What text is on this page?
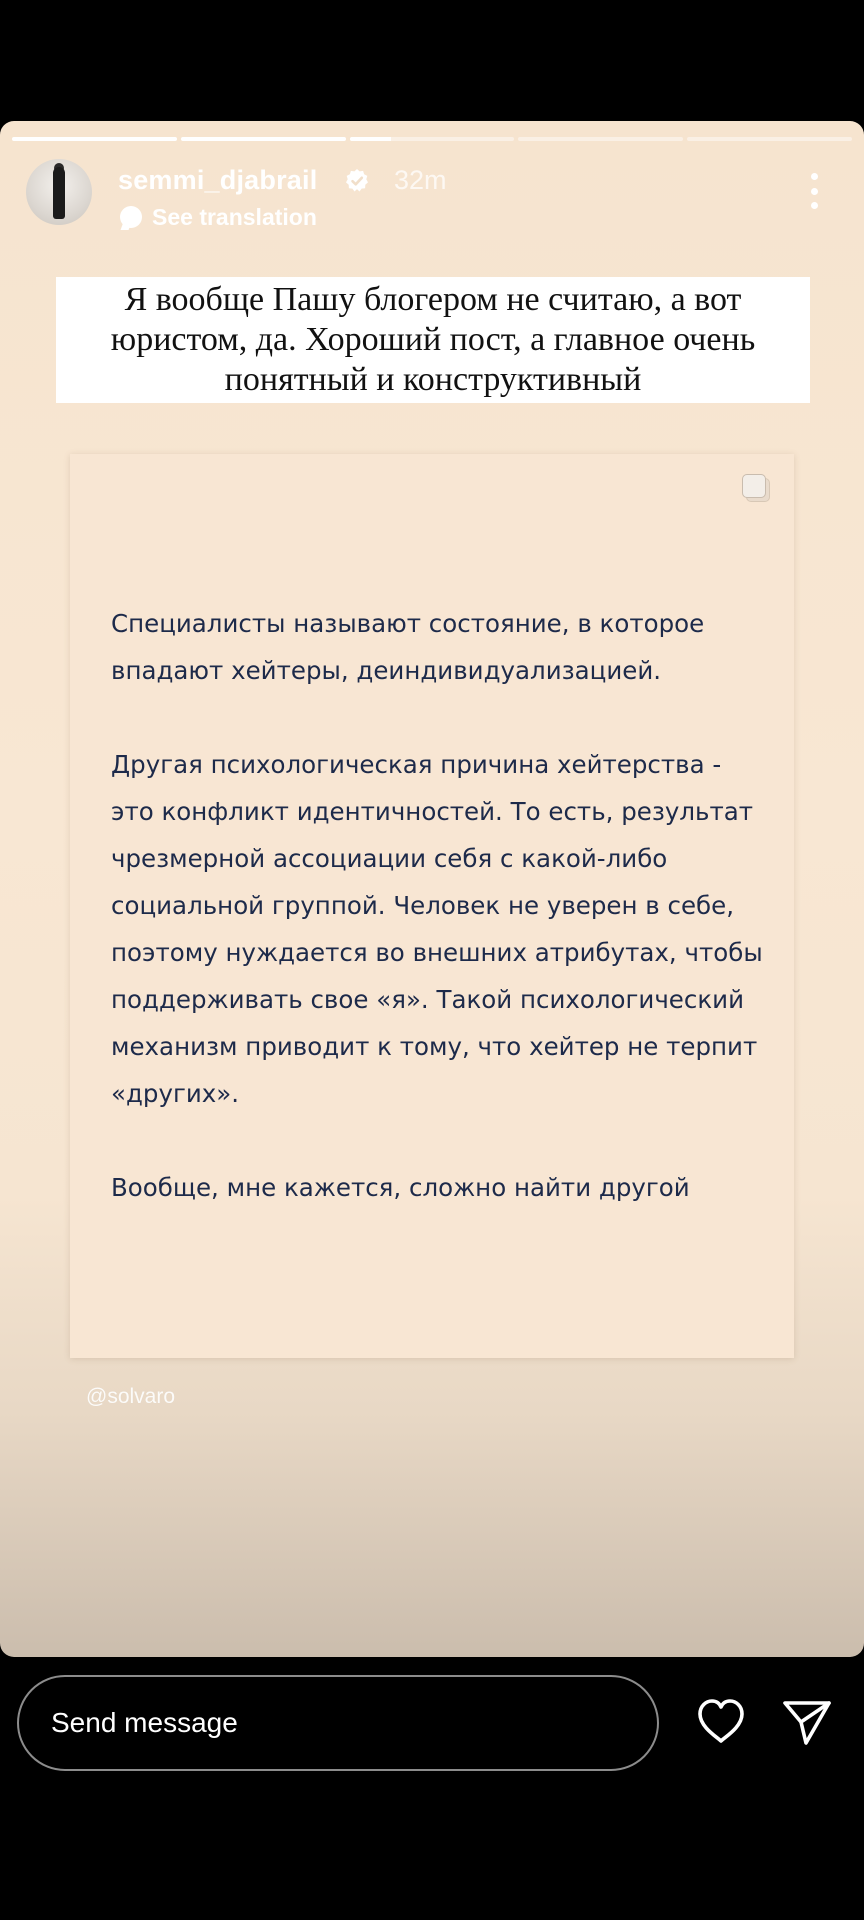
semmi_djabrail	32m
See translation
Я вообще Пашу блогером не считаю, а вот юристом, да. Хороший пост, а главное очень понятный и конструктивный

Специалисты называют состояние, в которое впадают хейтеры, деиндивидуализацией.

Другая психологическая причина хейтерства - это конфликт идентичностей. То есть, результат чрезмерной ассоциации себя с какой-либо социальной группой. Человек не уверен в себе, поэтому нуждается во внешних атрибутах, чтобы поддерживать свое «я». Такой психологический механизм приводит к тому, что хейтер не терпит «других».

Вообще, мне кажется, сложно найти другой

@solvaro
Send message
